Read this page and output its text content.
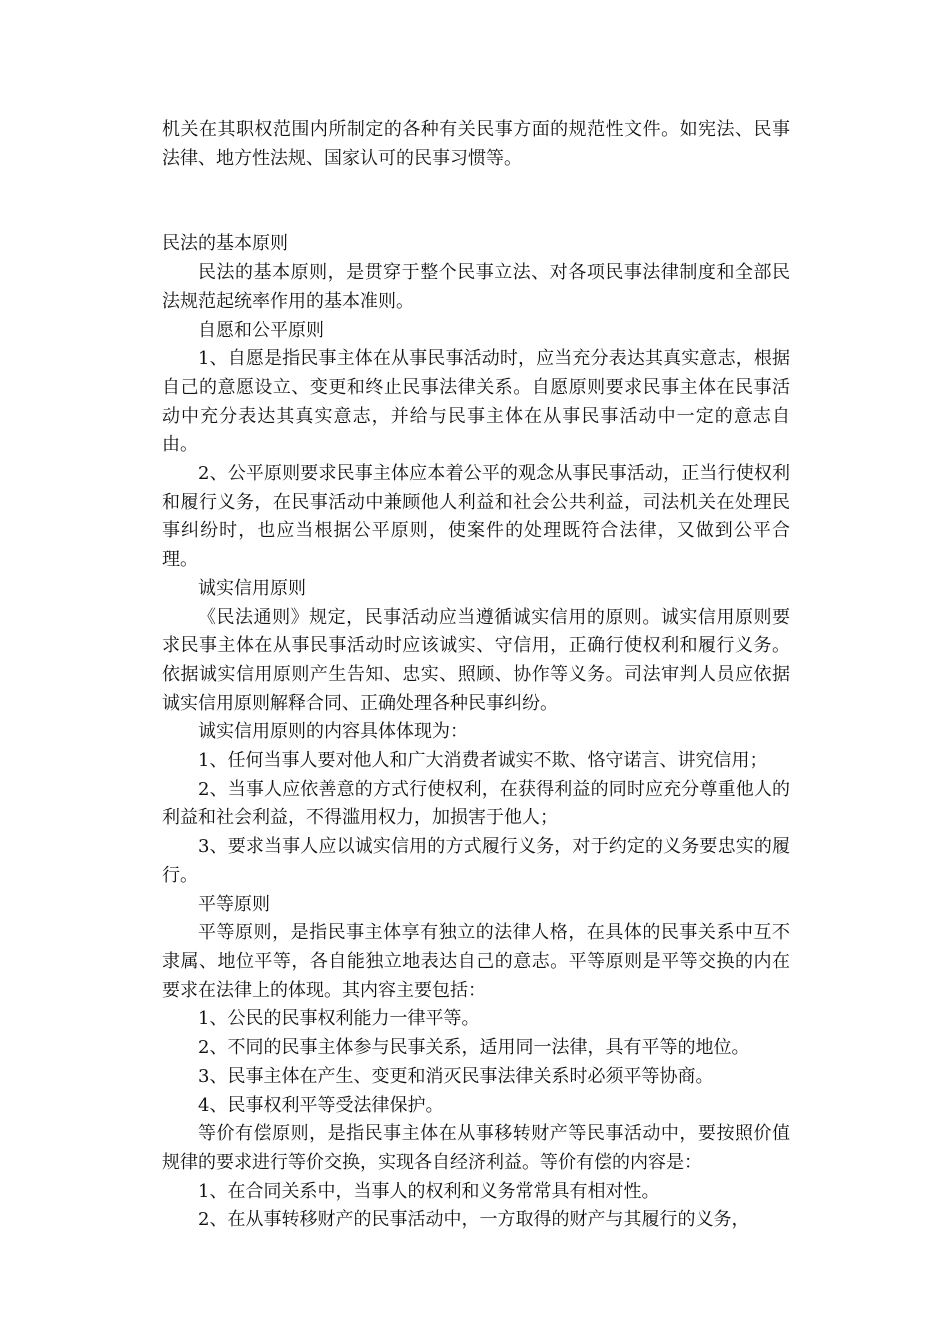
机关在其职权范围内所制定的各种有关民事方面的规范性文件。如宪法、民事法律、地方性法规、国家认可的民事习惯等。

民法的基本原则

民法的基本原则，是贯穿于整个民事立法、对各项民事法律制度和全部民法规范起统率作用的基本准则。

自愿和公平原则

1、自愿是指民事主体在从事民事活动时，应当充分表达其真实意志，根据自己的意愿设立、变更和终止民事法律关系。自愿原则要求民事主体在民事活动中充分表达其真实意志，并给与民事主体在从事民事活动中一定的意志自由。

2、公平原则要求民事主体应本着公平的观念从事民事活动，正当行使权利和履行义务，在民事活动中兼顾他人利益和社会公共利益，司法机关在处理民事纠纷时，也应当根据公平原则，使案件的处理既符合法律，又做到公平合理。

诚实信用原则

《民法通则》规定，民事活动应当遵循诚实信用的原则。诚实信用原则要求民事主体在从事民事活动时应该诚实、守信用，正确行使权利和履行义务。依据诚实信用原则产生告知、忠实、照顾、协作等义务。司法审判人员应依据诚实信用原则解释合同、正确处理各种民事纠纷。

诚实信用原则的内容具体体现为：

1、任何当事人要对他人和广大消费者诚实不欺、恪守诺言、讲究信用；

2、当事人应依善意的方式行使权利，在获得利益的同时应充分尊重他人的利益和社会利益，不得滥用权力，加损害于他人；

3、要求当事人应以诚实信用的方式履行义务，对于约定的义务要忠实的履行。

平等原则

平等原则，是指民事主体享有独立的法律人格，在具体的民事关系中互不隶属、地位平等，各自能独立地表达自己的意志。平等原则是平等交换的内在要求在法律上的体现。其内容主要包括：

1、公民的民事权利能力一律平等。

2、不同的民事主体参与民事关系，适用同一法律，具有平等的地位。

3、民事主体在产生、变更和消灭民事法律关系时必须平等协商。

4、民事权利平等受法律保护。

等价有偿原则，是指民事主体在从事移转财产等民事活动中，要按照价值规律的要求进行等价交换，实现各自经济利益。等价有偿的内容是：

1、在合同关系中，当事人的权利和义务常常具有相对性。

2、在从事转移财产的民事活动中，一方取得的财产与其履行的义务，
